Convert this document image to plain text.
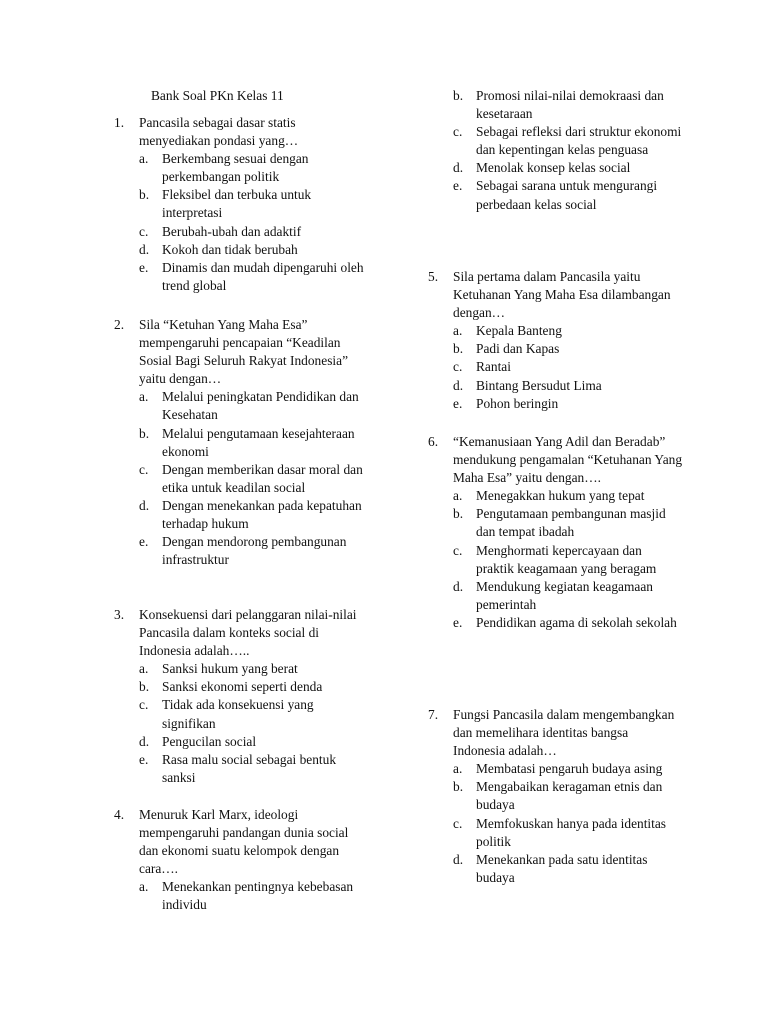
Bank Soal PKn Kelas 11
1.	Pancasila sebagai dasar statis menyediakan pondasi yang…
a. Berkembang sesuai dengan perkembangan politik
b. Fleksibel dan terbuka untuk interpretasi
c. Berubah-ubah dan adaktif
d. Kokoh dan tidak berubah
e. Dinamis dan mudah dipengaruhi oleh trend global
2.	Sila “Ketuhan Yang Maha Esa” mempengaruhi pencapaian “Keadilan Sosial Bagi Seluruh Rakyat Indonesia” yaitu dengan…
a. Melalui peningkatan Pendidikan dan Kesehatan
b. Melalui pengutamaan kesejahteraan ekonomi
c. Dengan memberikan dasar moral dan etika untuk keadilan social
d. Dengan menekankan pada kepatuhan terhadap hukum
e. Dengan mendorong pembangunan infrastruktur
3.	Konsekuensi dari pelanggaran nilai-nilai Pancasila dalam konteks social di Indonesia adalah…..
a. Sanksi hukum yang berat
b. Sanksi ekonomi seperti denda
c. Tidak ada konsekuensi yang signifikan
d. Pengucilan social
e. Rasa malu social sebagai bentuk sanksi
4.	Menuruk Karl Marx, ideologi mempengaruhi pandangan dunia social dan ekonomi suatu kelompok dengan cara….
a. Menekankan pentingnya kebebasan individu
b. Promosi nilai-nilai demokraasi dan kesetaraan
c. Sebagai refleksi dari struktur ekonomi dan kepentingan kelas penguasa
d. Menolak konsep kelas social
e. Sebagai sarana untuk mengurangi perbedaan kelas social
5.	Sila pertama dalam Pancasila yaitu Ketuhanan Yang Maha Esa dilambangan dengan…
a. Kepala Banteng
b. Padi dan Kapas
c. Rantai
d. Bintang Bersudut Lima
e. Pohon beringin
6.	“Kemanusiaan Yang Adil dan Beradab” mendukung pengamalan “Ketuhanan Yang Maha Esa” yaitu dengan….
a. Menegakkan hukum yang tepat
b. Pengutamaan pembangunan masjid dan tempat ibadah
c. Menghormati kepercayaan dan praktik keagamaan yang beragam
d. Mendukung kegiatan keagamaan pemerintah
e. Pendidikan agama di sekolah sekolah
7.	Fungsi Pancasila dalam mengembangkan dan memelihara identitas bangsa Indonesia adalah…
a. Membatasi pengaruh budaya asing
b. Mengabaikan keragaman etnis dan budaya
c. Memfokuskan hanya pada identitas politik
d. Menekankan pada satu identitas budaya
